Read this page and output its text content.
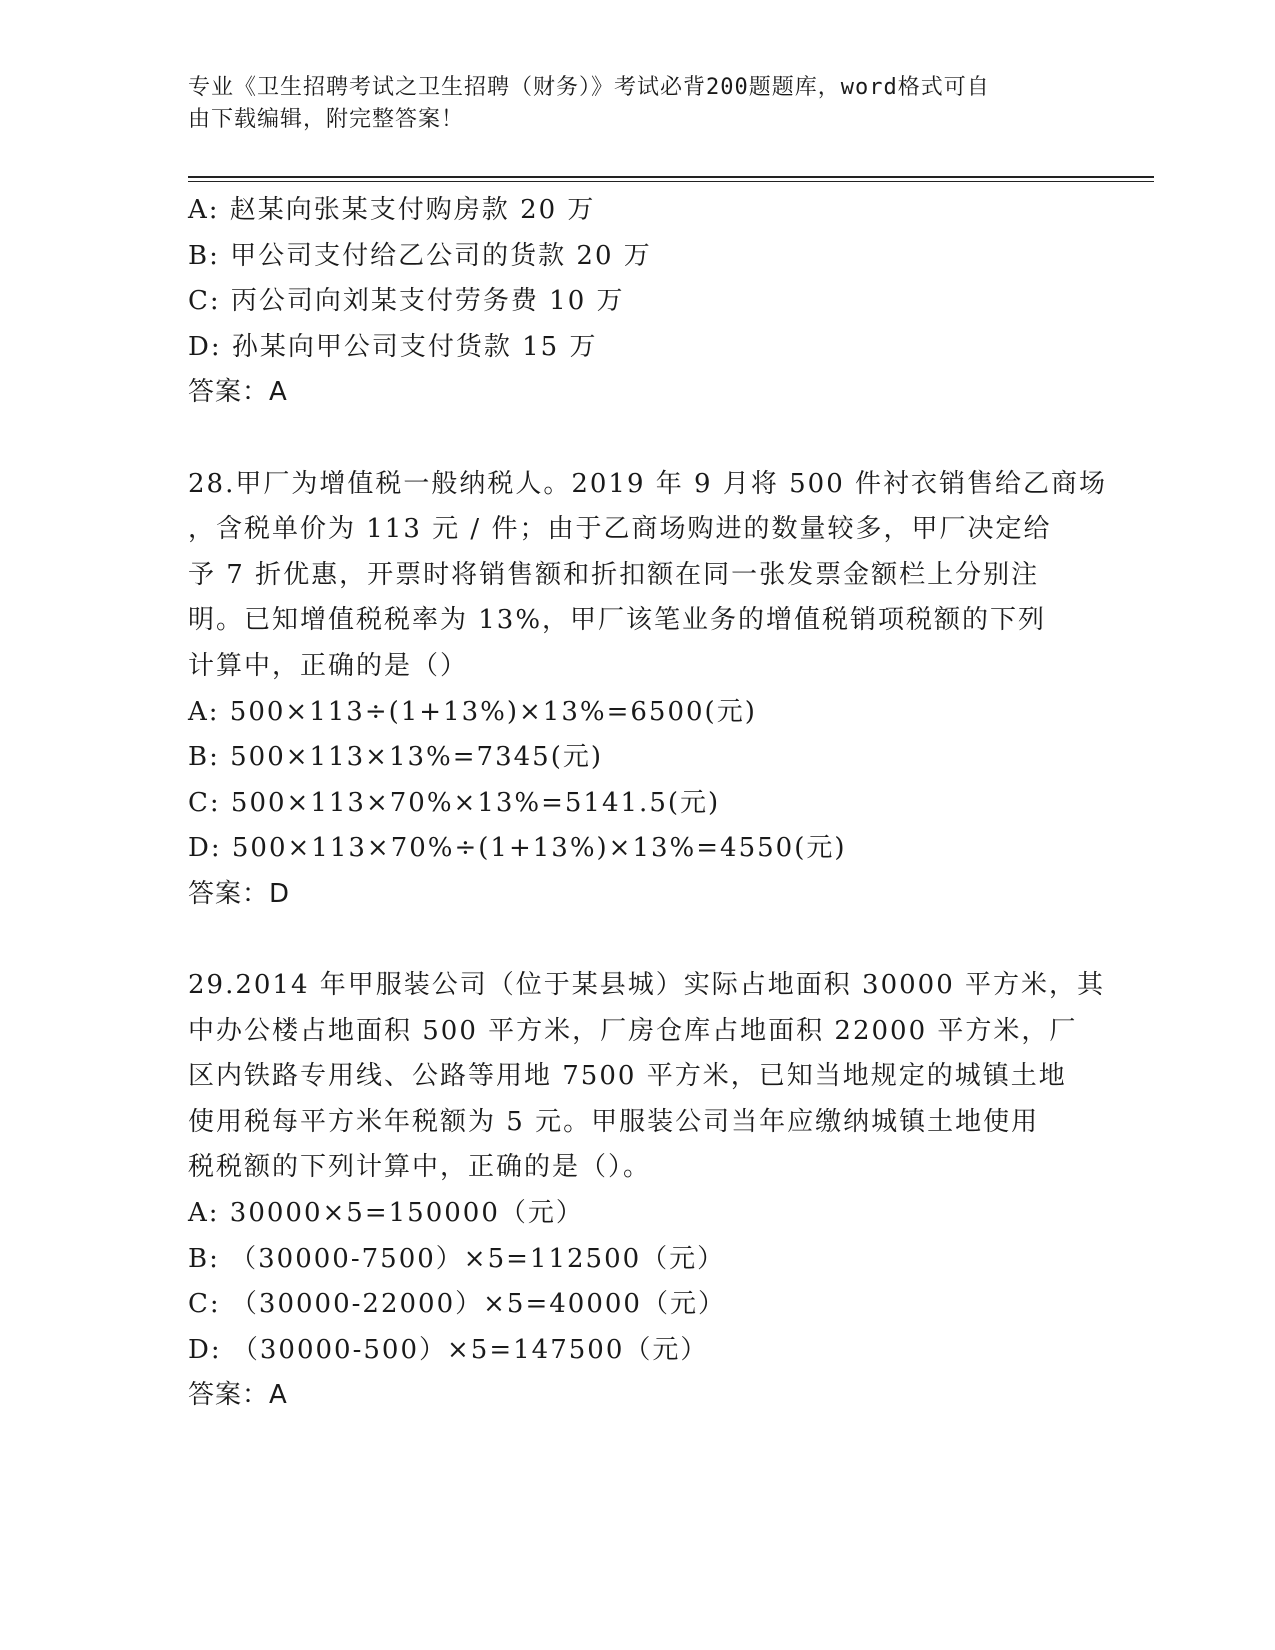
专业《卫生招聘考试之卫生招聘（财务）》考试必背200题题库，word格式可自
由下载编辑，附完整答案！
A: 赵某向张某支付购房款 20 万
B: 甲公司支付给乙公司的货款 20 万
C: 丙公司向刘某支付劳务费 10 万
D: 孙某向甲公司支付货款 15 万
答案：A
28.甲厂为增值税一般纳税人。2019 年 9 月将 500 件衬衣销售给乙商场
，含税单价为 113 元 / 件；由于乙商场购进的数量较多，甲厂决定给
予 7 折优惠，开票时将销售额和折扣额在同一张发票金额栏上分别注
明。已知增值税税率为 13%，甲厂该笔业务的增值税销项税额的下列
计算中，正确的是（）
A: 500×113÷(1+13%)×13%=6500(元)
B: 500×113×13%=7345(元)
C: 500×113×70%×13%=5141.5(元)
D: 500×113×70%÷(1+13%)×13%=4550(元)
答案：D
29.2014 年甲服装公司（位于某县城）实际占地面积 30000 平方米，其
中办公楼占地面积 500 平方米，厂房仓库占地面积 22000 平方米，厂
区内铁路专用线、公路等用地 7500 平方米，已知当地规定的城镇土地
使用税每平方米年税额为 5 元。甲服装公司当年应缴纳城镇土地使用
税税额的下列计算中，正确的是（）。
A: 30000×5=150000（元）
B: （30000-7500）×5=112500（元）
C: （30000-22000）×5=40000（元）
D: （30000-500）×5=147500（元）
答案：A
